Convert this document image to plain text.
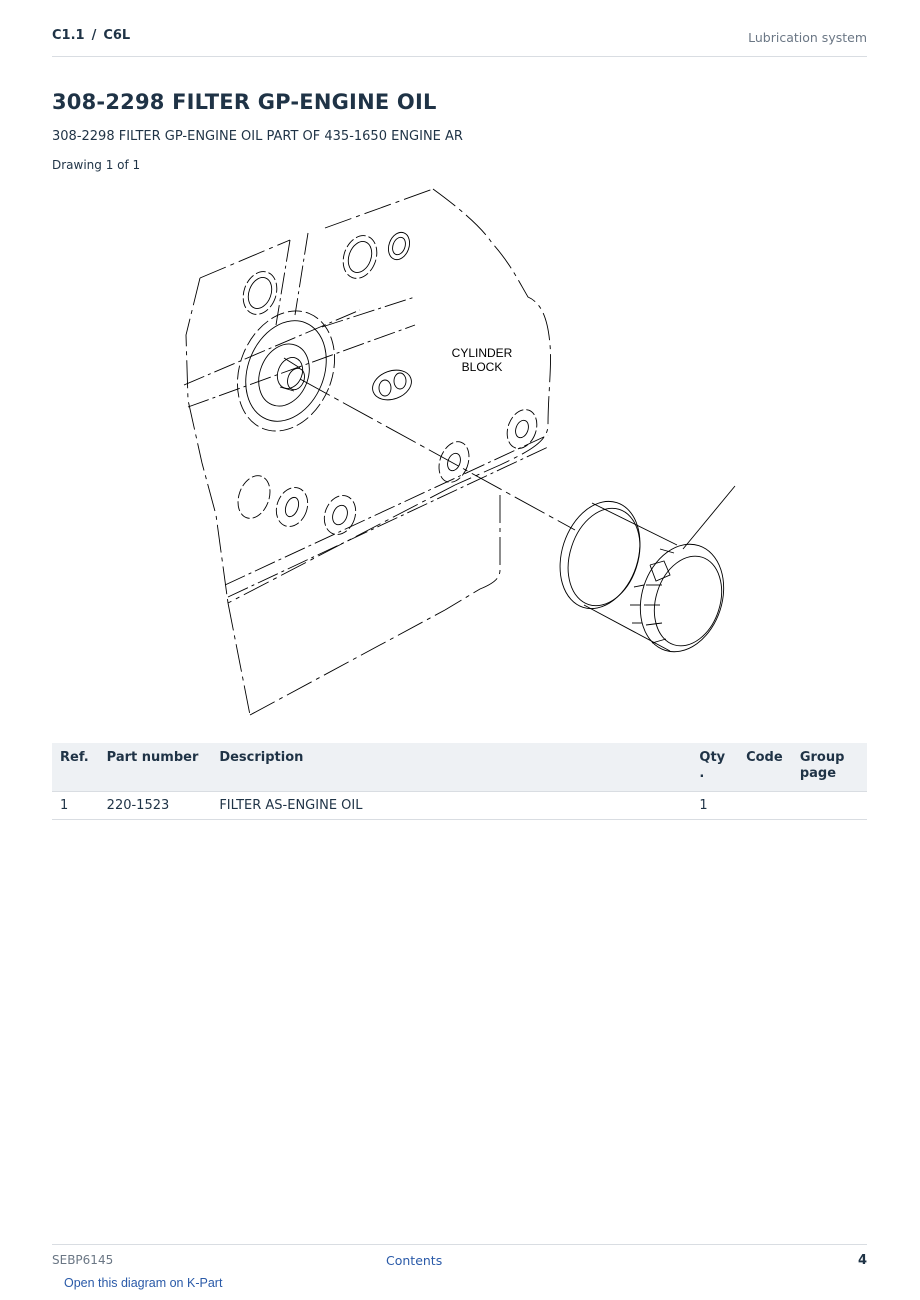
C1.1 / C6L	Lubrication system
308-2298 FILTER GP-ENGINE OIL
308-2298 FILTER GP-ENGINE OIL PART OF 435-1650 ENGINE AR
Drawing 1 of 1
CYLINDER
BLOCK
Ref.	Part number	Description	Qty .	Code	Group page
1	220-1523	FILTER AS-ENGINE OIL	1		
SEBP6145	Contents	4
Open this diagram on K-Part
